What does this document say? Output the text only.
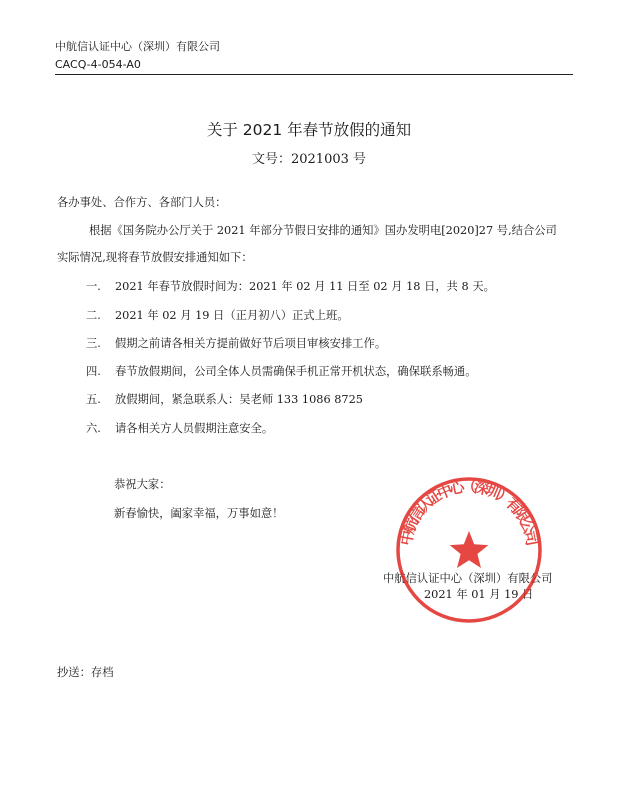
中航信认证中心（深圳）有限公司
CACQ-4-054-A0
关于 2021 年春节放假的通知
文号：2021003 号
各办事处、合作方、各部门人员：
根据《国务院办公厅关于 2021 年部分节假日安排的通知》国办发明电[2020]27 号,结合公司
实际情况,现将春节放假安排通知如下：
一. 2021 年春节放假时间为：2021 年 02 月 11 日至 02 月 18 日，共 8 天。
二. 2021 年 02 月 19 日（正月初八）正式上班。
三. 假期之前请各相关方提前做好节后项目审核安排工作。
四. 春节放假期间，公司全体人员需确保手机正常开机状态，确保联系畅通。
五. 放假期间，紧急联系人：吴老师 133 1086 8725
六. 请各相关方人员假期注意安全。
恭祝大家：
新春愉快，阖家幸福，万事如意！
中航信认证中心（深圳）有限公司
2021 年 01 月 19 日
中航信认证中心（深圳）有限公司
抄送：存档
